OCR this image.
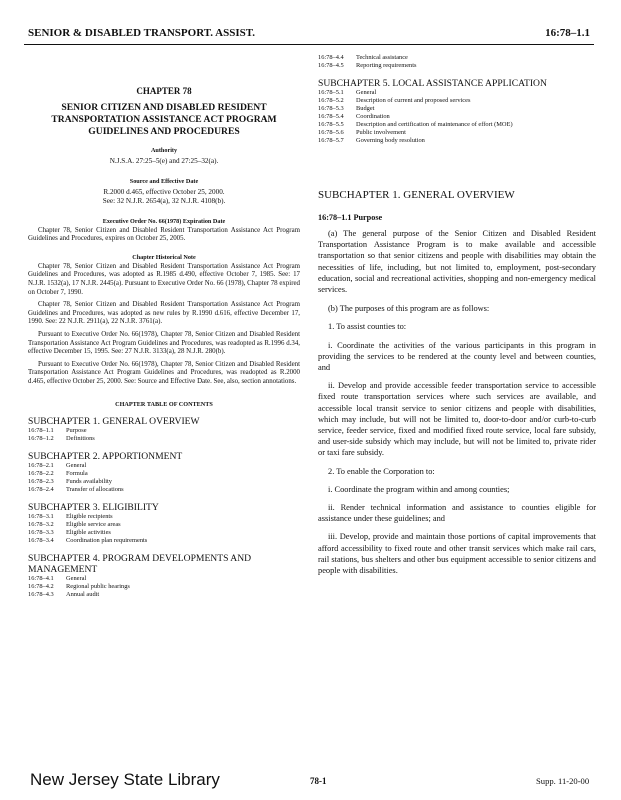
SENIOR & DISABLED TRANSPORT. ASSIST.	16:78–1.1

CHAPTER 78

SENIOR CITIZEN AND DISABLED RESIDENT TRANSPORTATION ASSISTANCE ACT PROGRAM GUIDELINES AND PROCEDURES

Authority

N.J.S.A. 27:25–5(e) and 27:25–32(a).

Source and Effective Date

R.2000 d.465, effective October 25, 2000.

See: 32 N.J.R. 2654(a), 32 N.J.R. 4108(b).

Executive Order No. 66(1978) Expiration Date

Chapter 78, Senior Citizen and Disabled Resident Transportation Assistance Act Program Guidelines and Procedures, expires on October 25, 2005.

Chapter Historical Note

Chapter 78, Senior Citizen and Disabled Resident Transportation Assistance Act Program Guidelines and Procedures, was adopted as R.1985 d.490, effective October 7, 1985. See: 17 N.J.R. 1532(a), 17 N.J.R. 2445(a). Pursuant to Executive Order No. 66 (1978), Chapter 78 expired on October 7, 1990.

Chapter 78, Senior Citizen and Disabled Resident Transportation Assistance Act Program Guidelines and Procedures, was adopted as new rules by R.1990 d.616, effective December 17, 1990. See: 22 N.J.R. 2911(a), 22 N.J.R. 3761(a).

Pursuant to Executive Order No. 66(1978), Chapter 78, Senior Citizen and Disabled Resident Transportation Assistance Act Program Guidelines and Procedures, was readopted as R.1996 d.34, effective December 15, 1995. See: 27 N.J.R. 3133(a), 28 N.J.R. 280(b).

Pursuant to Executive Order No. 66(1978), Chapter 78, Senior Citizen and Disabled Resident Transportation Assistance Act Program Guidelines and Procedures, was readopted as R.2000 d.465, effective October 25, 2000. See: Source and Effective Date. See, also, section annotations.

CHAPTER TABLE OF CONTENTS

SUBCHAPTER 1. GENERAL OVERVIEW

16:78–1.1	Purpose
16:78–1.2	Definitions

SUBCHAPTER 2. APPORTIONMENT

16:78–2.1	General
16:78–2.2	Formula
16:78–2.3	Funds availability
16:78–2.4	Transfer of allocations

SUBCHAPTER 3. ELIGIBILITY

16:78–3.1	Eligible recipients
16:78–3.2	Eligible service areas
16:78–3.3	Eligible activities
16:78–3.4	Coordination plan requirements

SUBCHAPTER 4. PROGRAM DEVELOPMENTS AND MANAGEMENT

16:78–4.1	General
16:78–4.2	Regional public hearings
16:78–4.3	Annual audit
16:78–4.4	Technical assistance
16:78–4.5	Reporting requirements

SUBCHAPTER 5. LOCAL ASSISTANCE APPLICATION

16:78–5.1	General
16:78–5.2	Description of current and proposed services
16:78–5.3	Budget
16:78–5.4	Coordination
16:78–5.5	Description and certification of maintenance of effort (MOE)
16:78–5.6	Public involvement
16:78–5.7	Governing body resolution

SUBCHAPTER 1. GENERAL OVERVIEW

16:78–1.1 Purpose

(a) The general purpose of the Senior Citizen and Disabled Resident Transportation Assistance Program is to make available and accessible transportation so that senior citizens and people with disabilities may obtain the necessities of life, including, but not limited to, employment, post-secondary education, social and recreational activities, shopping and non-emergency medical services.

(b) The purposes of this program are as follows:

1. To assist counties to:

i. Coordinate the activities of the various participants in this program in providing the services to be rendered at the county level and between counties, and

ii. Develop and provide accessible feeder transportation service to accessible fixed route transportation services where such services are available, and accessible local transit service to senior citizens and people with disabilities, which may include, but will not be limited to, door-to-door and/or curb-to-curb service, feeder service, fixed and modified fixed route service, local fare subsidy, and user-side subsidy which may include, but will not be limited to, private rider or taxi fare subsidy.

2. To enable the Corporation to:

i. Coordinate the program within and among counties;

ii. Render technical information and assistance to counties eligible for assistance under these guidelines; and

iii. Develop, provide and maintain those portions of capital improvements that afford accessibility to fixed route and other transit services which make rail cars, rail stations, bus shelters and other bus equipment accessible to senior citizens and people with disabilities.

New Jersey State Library	78-1	Supp. 11-20-00
